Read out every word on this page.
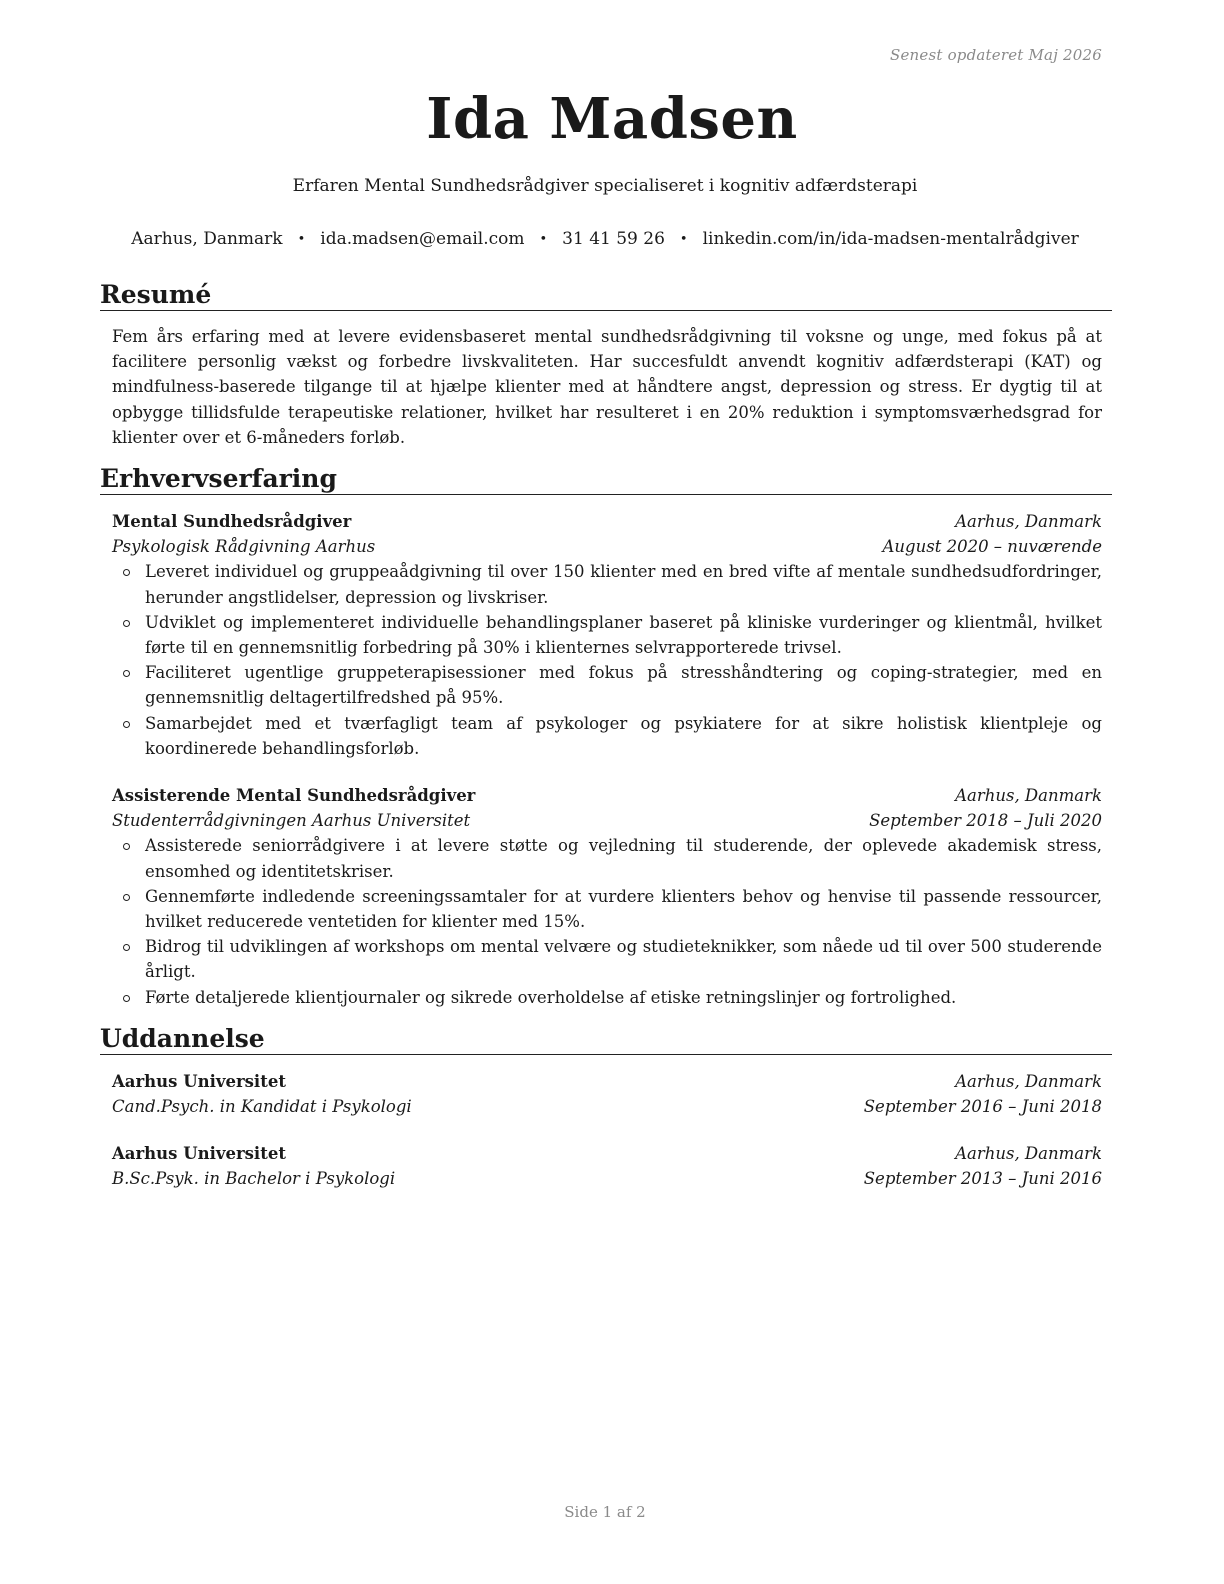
Senest opdateret Maj 2026
Ida Madsen
Erfaren Mental Sundhedsrådgiver specialiseret i kognitiv adfærdsterapi
Aarhus, Danmark • ida.madsen@email.com • 31 41 59 26 • linkedin.com/in/ida-madsen-mentalrådgiver
Resumé

Fem års erfaring med at levere evidensbaseret mental sundhedsrådgivning til voksne og unge, med fokus på at facilitere personlig vækst og forbedre livskvaliteten. Har succesfuldt anvendt kognitiv adfærdsterapi (KAT) og mindfulness-baserede tilgange til at hjælpe klienter med at håndtere angst, depression og stress. Er dygtig til at opbygge tillidsfulde terapeutiske relationer, hvilket har resulteret i en 20% reduktion i symptomsværhedsgrad for klienter over et 6-måneders forløb.

Erhvervserfaring
Mental Sundhedsrådgiver	Aarhus, Danmark
Psykologisk Rådgivning Aarhus	August 2020 – nuværende
Leveret individuel og gruppeaådgivning til over 150 klienter med en bred vifte af mentale sundhedsudfordringer, herunder angstlidelser, depression og livskriser.
Udviklet og implementeret individuelle behandlingsplaner baseret på kliniske vurderinger og klientmål, hvilket førte til en gennemsnitlig forbedring på 30% i klienternes selvrapporterede trivsel.
Faciliteret ugentlige gruppeterapisessioner med fokus på stresshåndtering og coping-strategier, med en gennemsnitlig deltagertilfredshed på 95%.
Samarbejdet med et tværfagligt team af psykologer og psykiatere for at sikre holistisk klientpleje og koordinerede behandlingsforløb.
Assisterende Mental Sundhedsrådgiver	Aarhus, Danmark
Studenterrådgivningen Aarhus Universitet	September 2018 – Juli 2020
Assisterede seniorrådgivere i at levere støtte og vejledning til studerende, der oplevede akademisk stress, ensomhed og identitetskriser.
Gennemførte indledende screeningssamtaler for at vurdere klienters behov og henvise til passende ressourcer, hvilket reducerede ventetiden for klienter med 15%.
Bidrog til udviklingen af workshops om mental velvære og studieteknikker, som nåede ud til over 500 studerende årligt.
Førte detaljerede klientjournaler og sikrede overholdelse af etiske retningslinjer og fortrolighed.
Uddannelse
Aarhus Universitet	Aarhus, Danmark
Cand.Psych. in Kandidat i Psykologi	September 2016 – Juni 2018
Aarhus Universitet	Aarhus, Danmark
B.Sc.Psyk. in Bachelor i Psykologi	September 2013 – Juni 2016
Side 1 af 2
